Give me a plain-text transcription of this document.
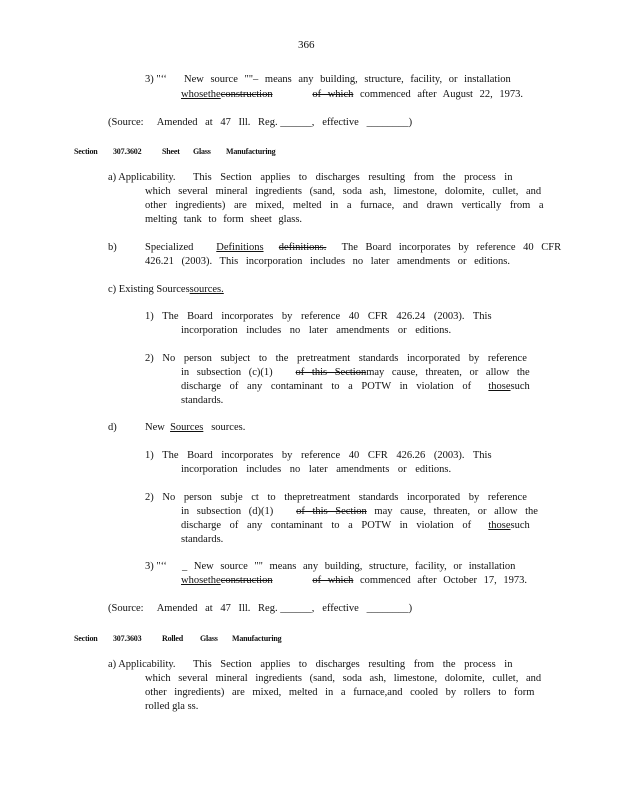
366
3) "‘‘ New source ""– means any building, structure, facility, or installation
whosetheconstruction	of which commenced after August 22, 1973.
(Source: Amended at 47 Ill. Reg. ______, effective ________)
Section 307.3602	Sheet Glass Manufacturing
a) Applicability. This Section applies to discharges resulting from the process in
which several mineral ingredients (sand, soda ash, limestone, dolomite, cullet, and
other ingredients) are mixed, melted in a furnace, and drawn vertically from a
melting tank to form sheet glass.
b)	Specialized Definitions definitions. The Board incorporates by reference 40 CFR
426.21 (2003). This incorporation includes no later amendments or editions.
c) Existing Sourcessources.
1) The Board incorporates by reference 40 CFR 426.24 (2003). This
incorporation includes no later amendments or editions.
2) No person subject to the pretreatment standards incorporated by reference
in subsection (c)(1) of this Sectionmay cause, threaten, or allow the
discharge of any contaminant to a POTW in violation of thosesuch
standards.
d)	New Sources sources.
1) The Board incorporates by reference 40 CFR 426.26 (2003). This
incorporation includes no later amendments or editions.
2) No person subje ct to thepretreatment standards incorporated by reference
in subsection (d)(1) of this Section may cause, threaten, or allow the
discharge of any contaminant to a POTW in violation of thosesuch
standards.
3) "‘‘ _ New source "" means any building, structure, facility, or installation
whosetheconstruction	of which commenced after October 17, 1973.
(Source: Amended at 47 Ill. Reg. ______, effective ________)
Section 307.3603	Rolled Glass Manufacturing
a) Applicability. This Section applies to discharges resulting from the process in
which several mineral ingredients (sand, soda ash, limestone, dolomite, cullet, and
other ingredients) are mixed, melted in a furnace,and cooled by rollers to form
rolled gla ss.
